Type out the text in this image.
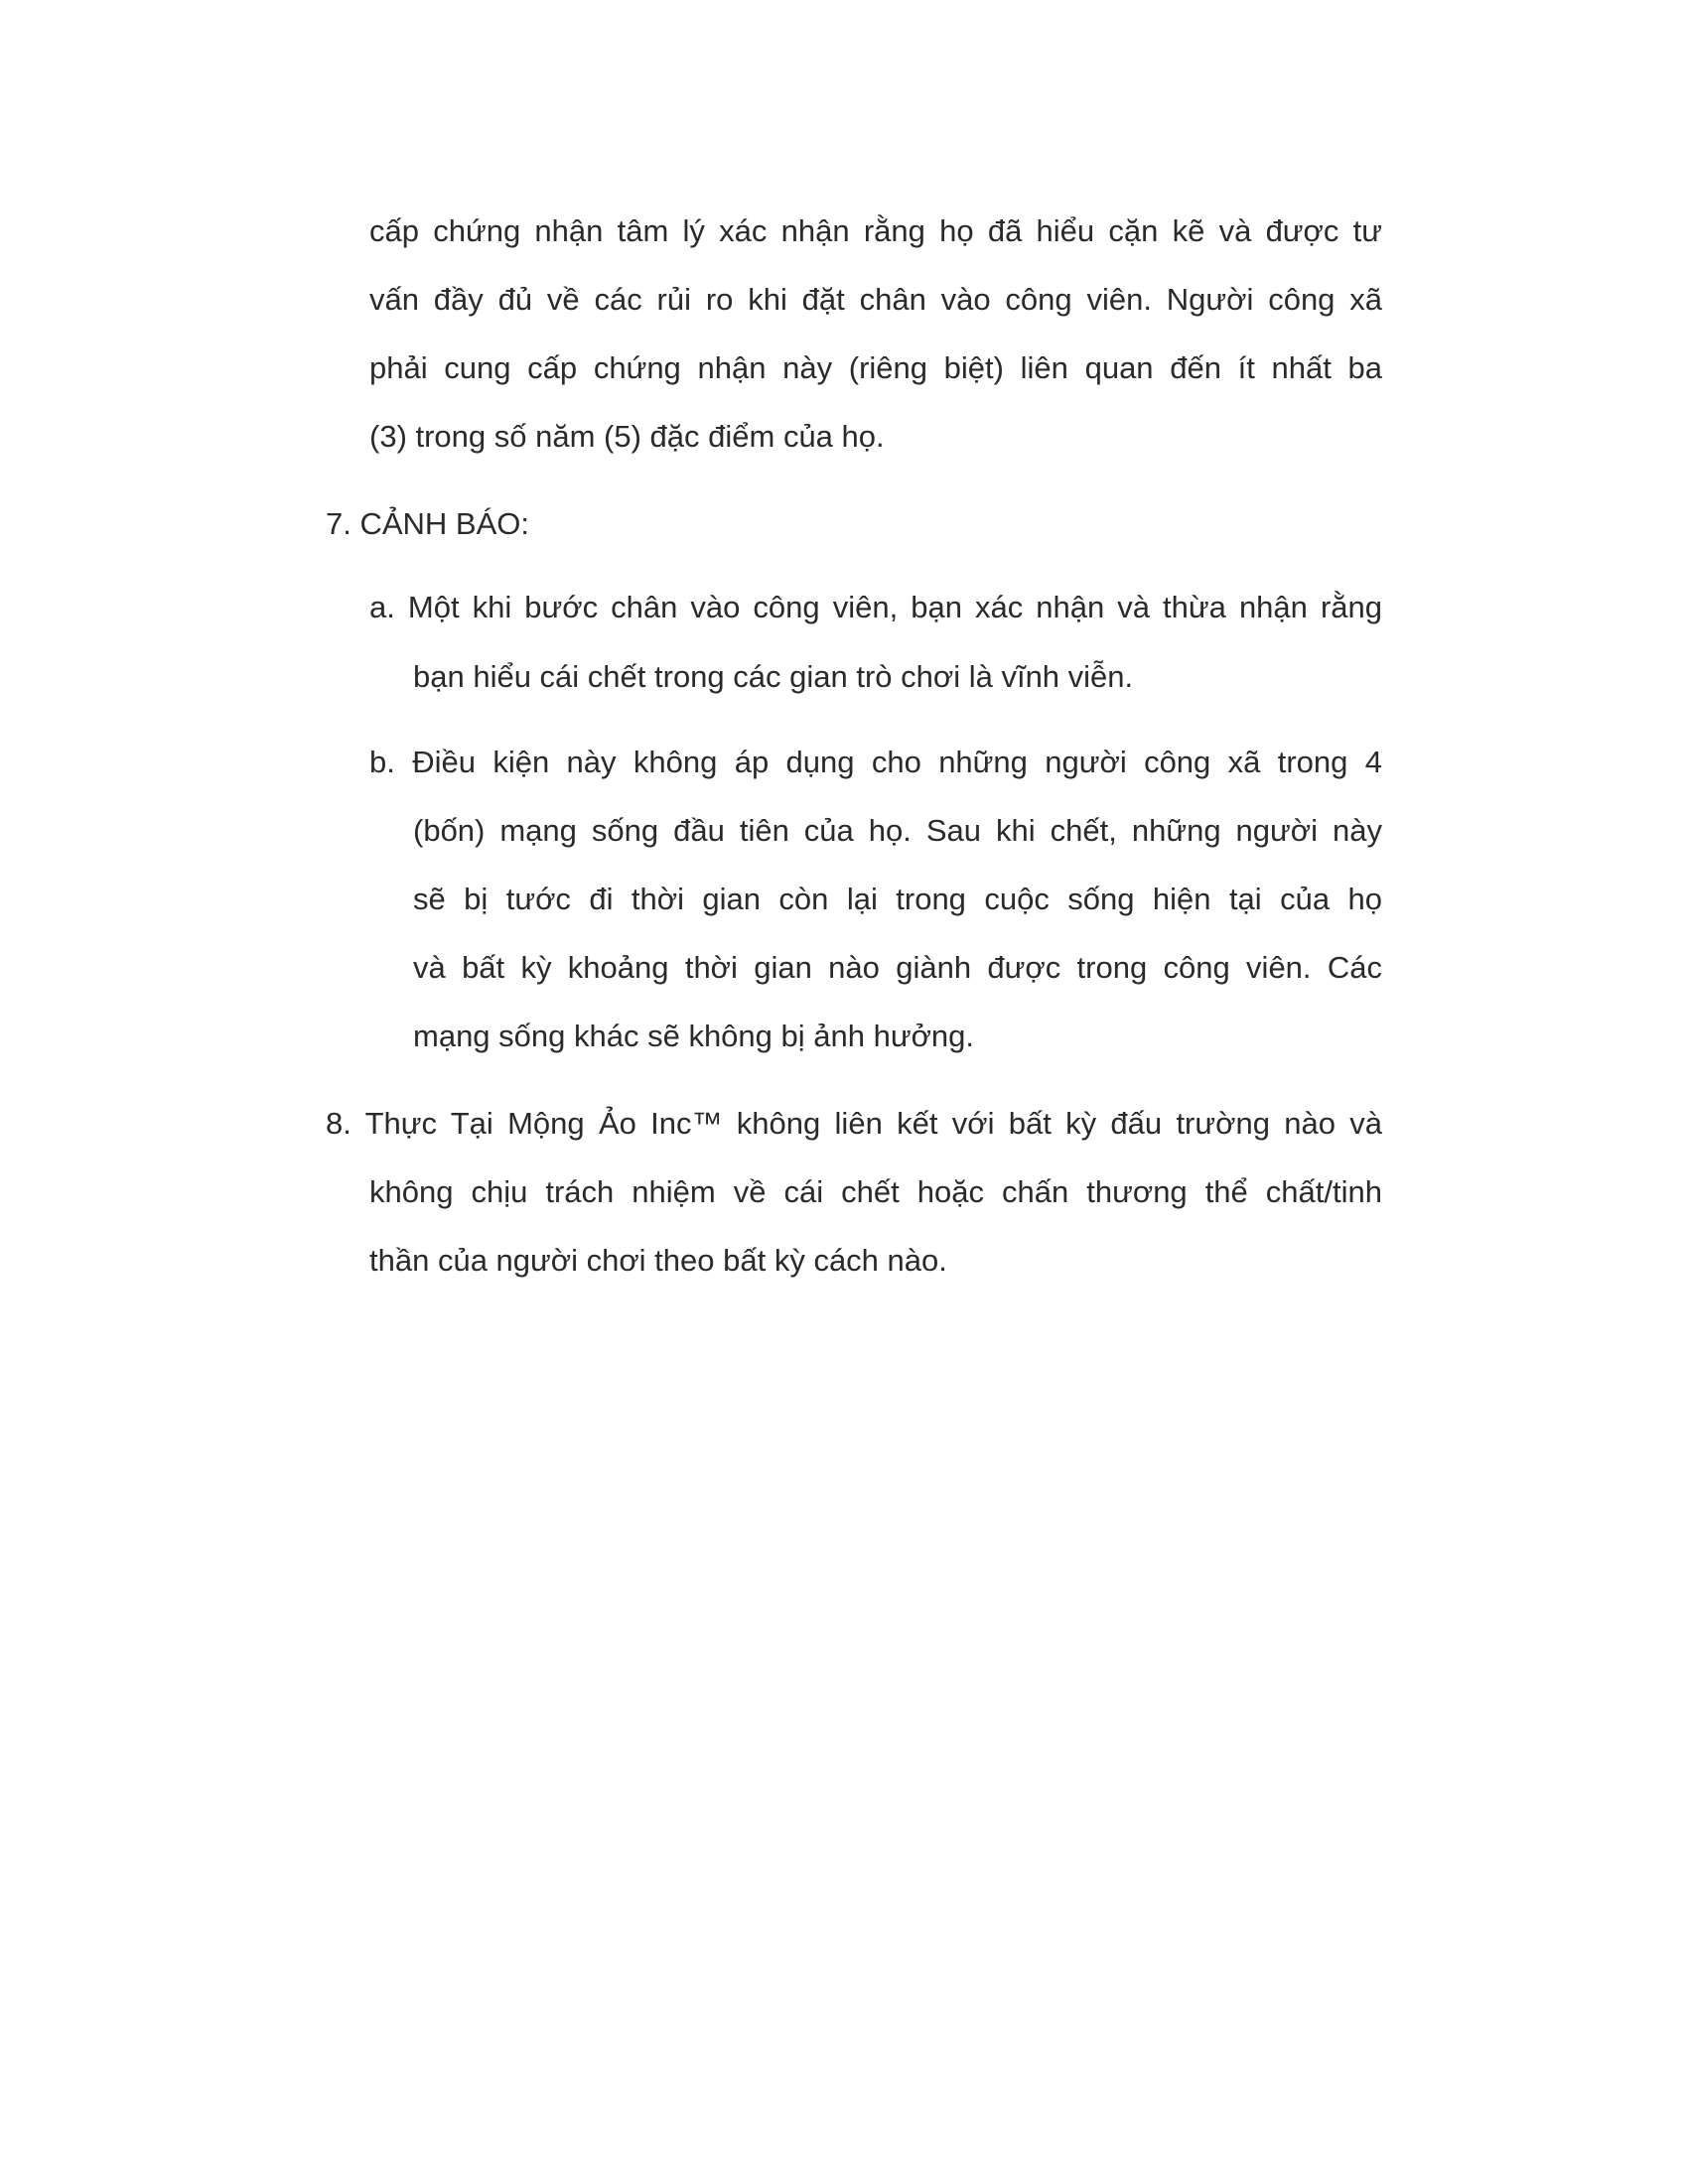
cấp chứng nhận tâm lý xác nhận rằng họ đã hiểu cặn kẽ và được tư
vấn đầy đủ về các rủi ro khi đặt chân vào công viên. Người công xã
phải cung cấp chứng nhận này (riêng biệt) liên quan đến ít nhất ba
(3) trong số năm (5) đặc điểm của họ.
7. CẢNH BÁO:
a. Một khi bước chân vào công viên, bạn xác nhận và thừa nhận rằng
bạn hiểu cái chết trong các gian trò chơi là vĩnh viễn.
b. Điều kiện này không áp dụng cho những người công xã trong 4
(bốn) mạng sống đầu tiên của họ. Sau khi chết, những người này
sẽ bị tước đi thời gian còn lại trong cuộc sống hiện tại của họ
và bất kỳ khoảng thời gian nào giành được trong công viên. Các
mạng sống khác sẽ không bị ảnh hưởng.
8. Thực Tại Mộng Ảo Inc™ không liên kết với bất kỳ đấu trường nào và
không chịu trách nhiệm về cái chết hoặc chấn thương thể chất/tinh
thần của người chơi theo bất kỳ cách nào.
